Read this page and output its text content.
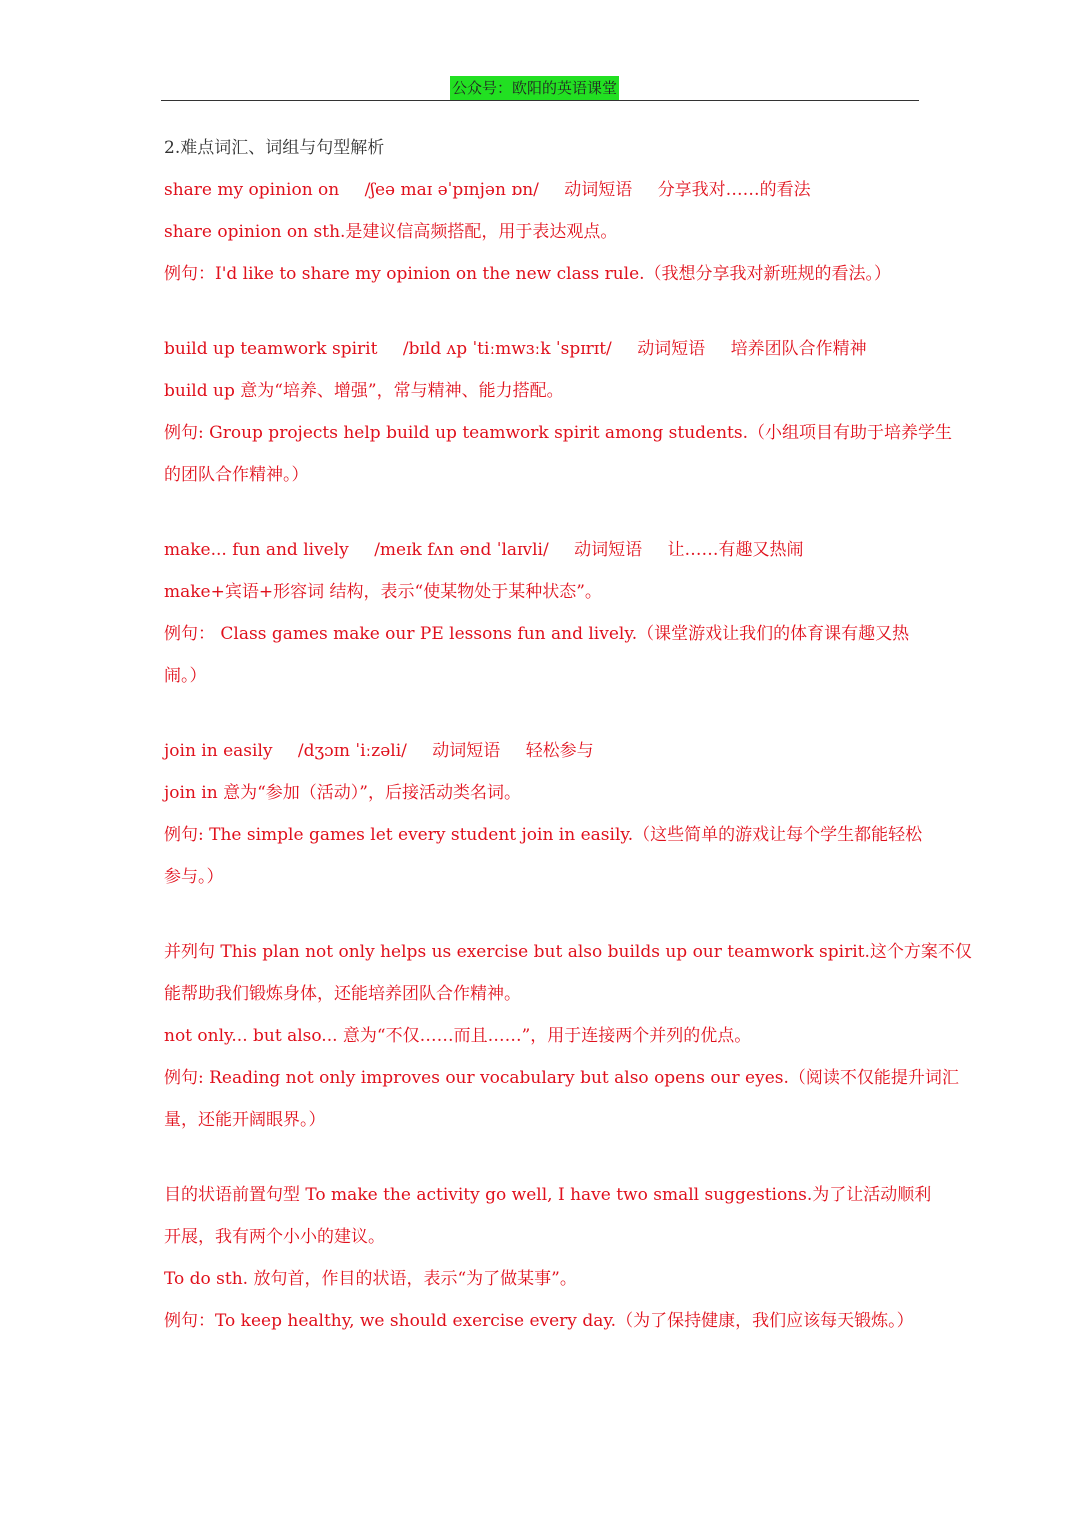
公众号：欧阳的英语课堂
2.难点词汇、词组与句型解析
share my opinion on /ʃeə maɪ əˈpɪnjən ɒn/ 动词短语 分享我对……的看法
share opinion on sth.是建议信高频搭配，用于表达观点。
例句：I'd like to share my opinion on the new class rule.（我想分享我对新班规的看法。）
build up teamwork spirit /bɪld ʌp ˈtiːmwɜːk ˈspɪrɪt/ 动词短语 培养团队合作精神
build up 意为“培养、增强”，常与精神、能力搭配。
例句: Group projects help build up teamwork spirit among students.（小组项目有助于培养学生
的团队合作精神。）
make... fun and lively /meɪk fʌn ənd ˈlaɪvli/ 动词短语 让……有趣又热闹
make+宾语+形容词 结构，表示“使某物处于某种状态”。
例句： Class games make our PE lessons fun and lively.（课堂游戏让我们的体育课有趣又热
闹。）
join in easily /dʒɔɪn ˈiːzəli/ 动词短语 轻松参与
join in 意为“参加（活动）”，后接活动类名词。
例句: The simple games let every student join in easily.（这些简单的游戏让每个学生都能轻松
参与。）
并列句 This plan not only helps us exercise but also builds up our teamwork spirit.这个方案不仅
能帮助我们锻炼身体，还能培养团队合作精神。
not only... but also... 意为“不仅……而且……”，用于连接两个并列的优点。
例句: Reading not only improves our vocabulary but also opens our eyes.（阅读不仅能提升词汇
量，还能开阔眼界。）
目的状语前置句型 To make the activity go well, I have two small suggestions.为了让活动顺利
开展，我有两个小小的建议。
To do sth. 放句首，作目的状语，表示“为了做某事”。
例句：To keep healthy, we should exercise every day.（为了保持健康，我们应该每天锻炼。）
